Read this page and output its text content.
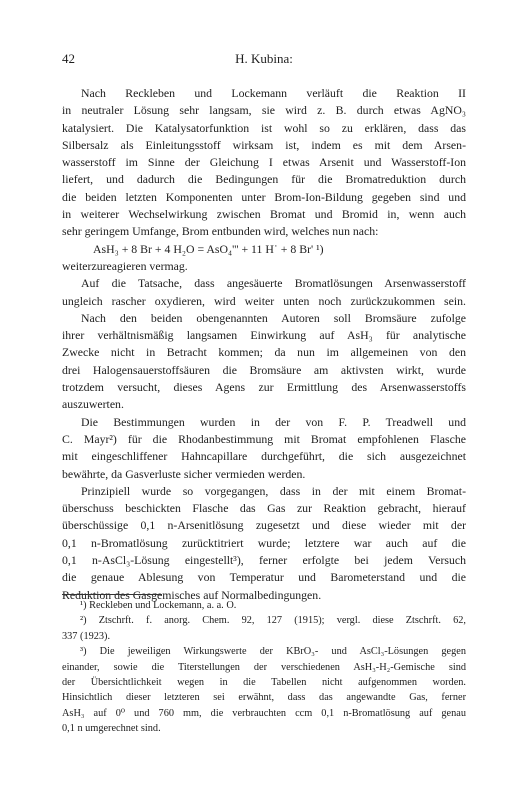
42	H. Kubina:
Nach Reckleben und Lockemann verläuft die Reaktion II
in neutraler Lösung sehr langsam, sie wird z. B. durch etwas AgNO₃
katalysiert. Die Katalysatorfunktion ist wohl so zu erklären, dass das
Silbersalz als Einleitungsstoff wirksam ist, indem es mit dem Arsen-
wasserstoff im Sinne der Gleichung I etwas Arsenit und Wasserstoff-Ion
liefert, und dadurch die Bedingungen für die Bromatreduktion durch
die beiden letzten Komponenten unter Brom-Ion-Bildung gegeben sind und
in weiterer Wechselwirkung zwischen Bromat und Bromid in, wenn auch
sehr geringem Umfange, Brom entbunden wird, welches nun nach:
AsH₃ + 8 Br + 4 H₂O = AsO₄''' + 11 H˙ + 8 Br' ¹)
weiterzureagieren vermag.
Auf die Tatsache, dass angesäuerte Bromatlösungen Arsenwasserstoff
ungleich rascher oxydieren, wird weiter unten noch zurückzukommen sein.
Nach den beiden obengenannten Autoren soll Bromsäure zufolge
ihrer verhältnismäßig langsamen Einwirkung auf AsH₃ für analytische
Zwecke nicht in Betracht kommen; da nun im allgemeinen von den
drei Halogensauerstoffsäuren die Bromsäure am aktivsten wirkt, wurde
trotzdem versucht, dieses Agens zur Ermittlung des Arsenwasserstoffs
auszuwerten.
Die Bestimmungen wurden in der von F. P. Treadwell und
C. Mayr²) für die Rhodanbestimmung mit Bromat empfohlenen Flasche
mit eingeschliffener Hahncapillare durchgeführt, die sich ausgezeichnet
bewährte, da Gasverluste sicher vermieden werden.
Prinzipiell wurde so vorgegangen, dass in der mit einem Bromat-
überschuss beschickten Flasche das Gas zur Reaktion gebracht, hierauf
überschüssige 0,1 n-Arsenitlösung zugesetzt und diese wieder mit der
0,1 n-Bromatlösung zurücktitriert wurde; letztere war auch auf die
0,1 n-AsCl₃-Lösung eingestellt³), ferner erfolgte bei jedem Versuch
die genaue Ablesung von Temperatur und Barometerstand und die
Reduktion des Gasgemisches auf Normalbedingungen.
¹) Reckleben und Lockemann, a. a. O.
²) Ztschrft. f. anorg. Chem. 92, 127 (1915); vergl. diese Ztschrft. 62,
337 (1923).
³) Die jeweiligen Wirkungswerte der KBrO₃- und AsCl₃-Lösungen gegen
einander, sowie die Titerstellungen der verschiedenen AsH₃-H₂-Gemische sind
der Übersichtlichkeit wegen in die Tabellen nicht aufgenommen worden.
Hinsichtlich dieser letzteren sei erwähnt, dass das angewandte Gas, ferner
AsH₃ auf 0⁰ und 760 mm, die verbrauchten ccm 0,1 n-Bromatlösung auf genau
0,1 n umgerechnet sind.
